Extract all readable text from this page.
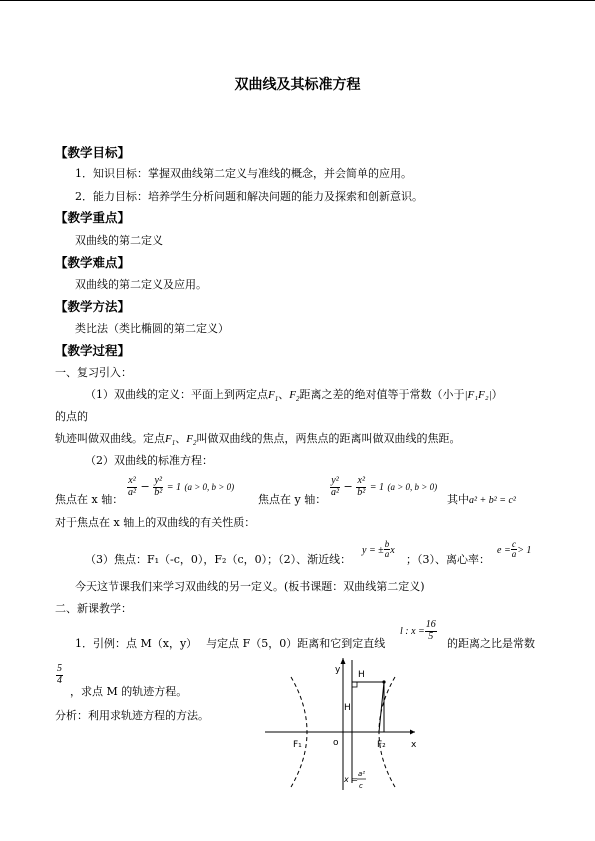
双曲线及其标准方程
【教学目标】
1．知识目标：掌握双曲线第二定义与准线的概念，并会简单的应用。
2．能力目标：培养学生分析问题和解决问题的能力及探索和创新意识。
【教学重点】
双曲线的第二定义
【教学难点】
双曲线的第二定义及应用。
【教学方法】
类比法（类比椭圆的第二定义）
【教学过程】
一、复习引入：
（1）双曲线的定义：平面上到两定点$F_1$、$F_2$距离之差的绝对值等于常数（小于|F₁F₂|）
的点的
轨迹叫做双曲线。定点$F_1$、$F_2$叫做双曲线的焦点，两焦点的距离叫做双曲线的焦距。
（2）双曲线的标准方程：
焦点在 x 轴：
$\frac{\text{x²}}{\text{a²}} - \frac{\text{y²}}{\text{b²}} = 1$ (a > 0, b > 0)
焦点在 y 轴：
$\frac{\text{y²}}{\text{a²}} - \frac{\text{x²}}{\text{b²}} = 1$ (a > 0, b > 0)
其中a² + b² = c²
对于焦点在 x 轴上的双曲线的有关性质：
（3）焦点：F₁（-c，0），F₂（c，0）；（2）、渐近线：
y = ± $\frac{b}{a}$ x
；（3）、离心率：
$e = \frac{c}{a} > 1$
今天这节课我们来学习双曲线的另一定义。(板书课题：双曲线第二定义)
二、新课教学：
1．引例：点 M（x，y）　 与定点 F（5，0）距离和它到定直线
l : $x = \frac{16}{5}$
的距离之比是常数
$\frac{5}{4}$
，求点 M 的轨迹方程。
分析：利用求轨迹方程的方法。
y
x
o
F₁	F₂
H
H
x =
a²
c
